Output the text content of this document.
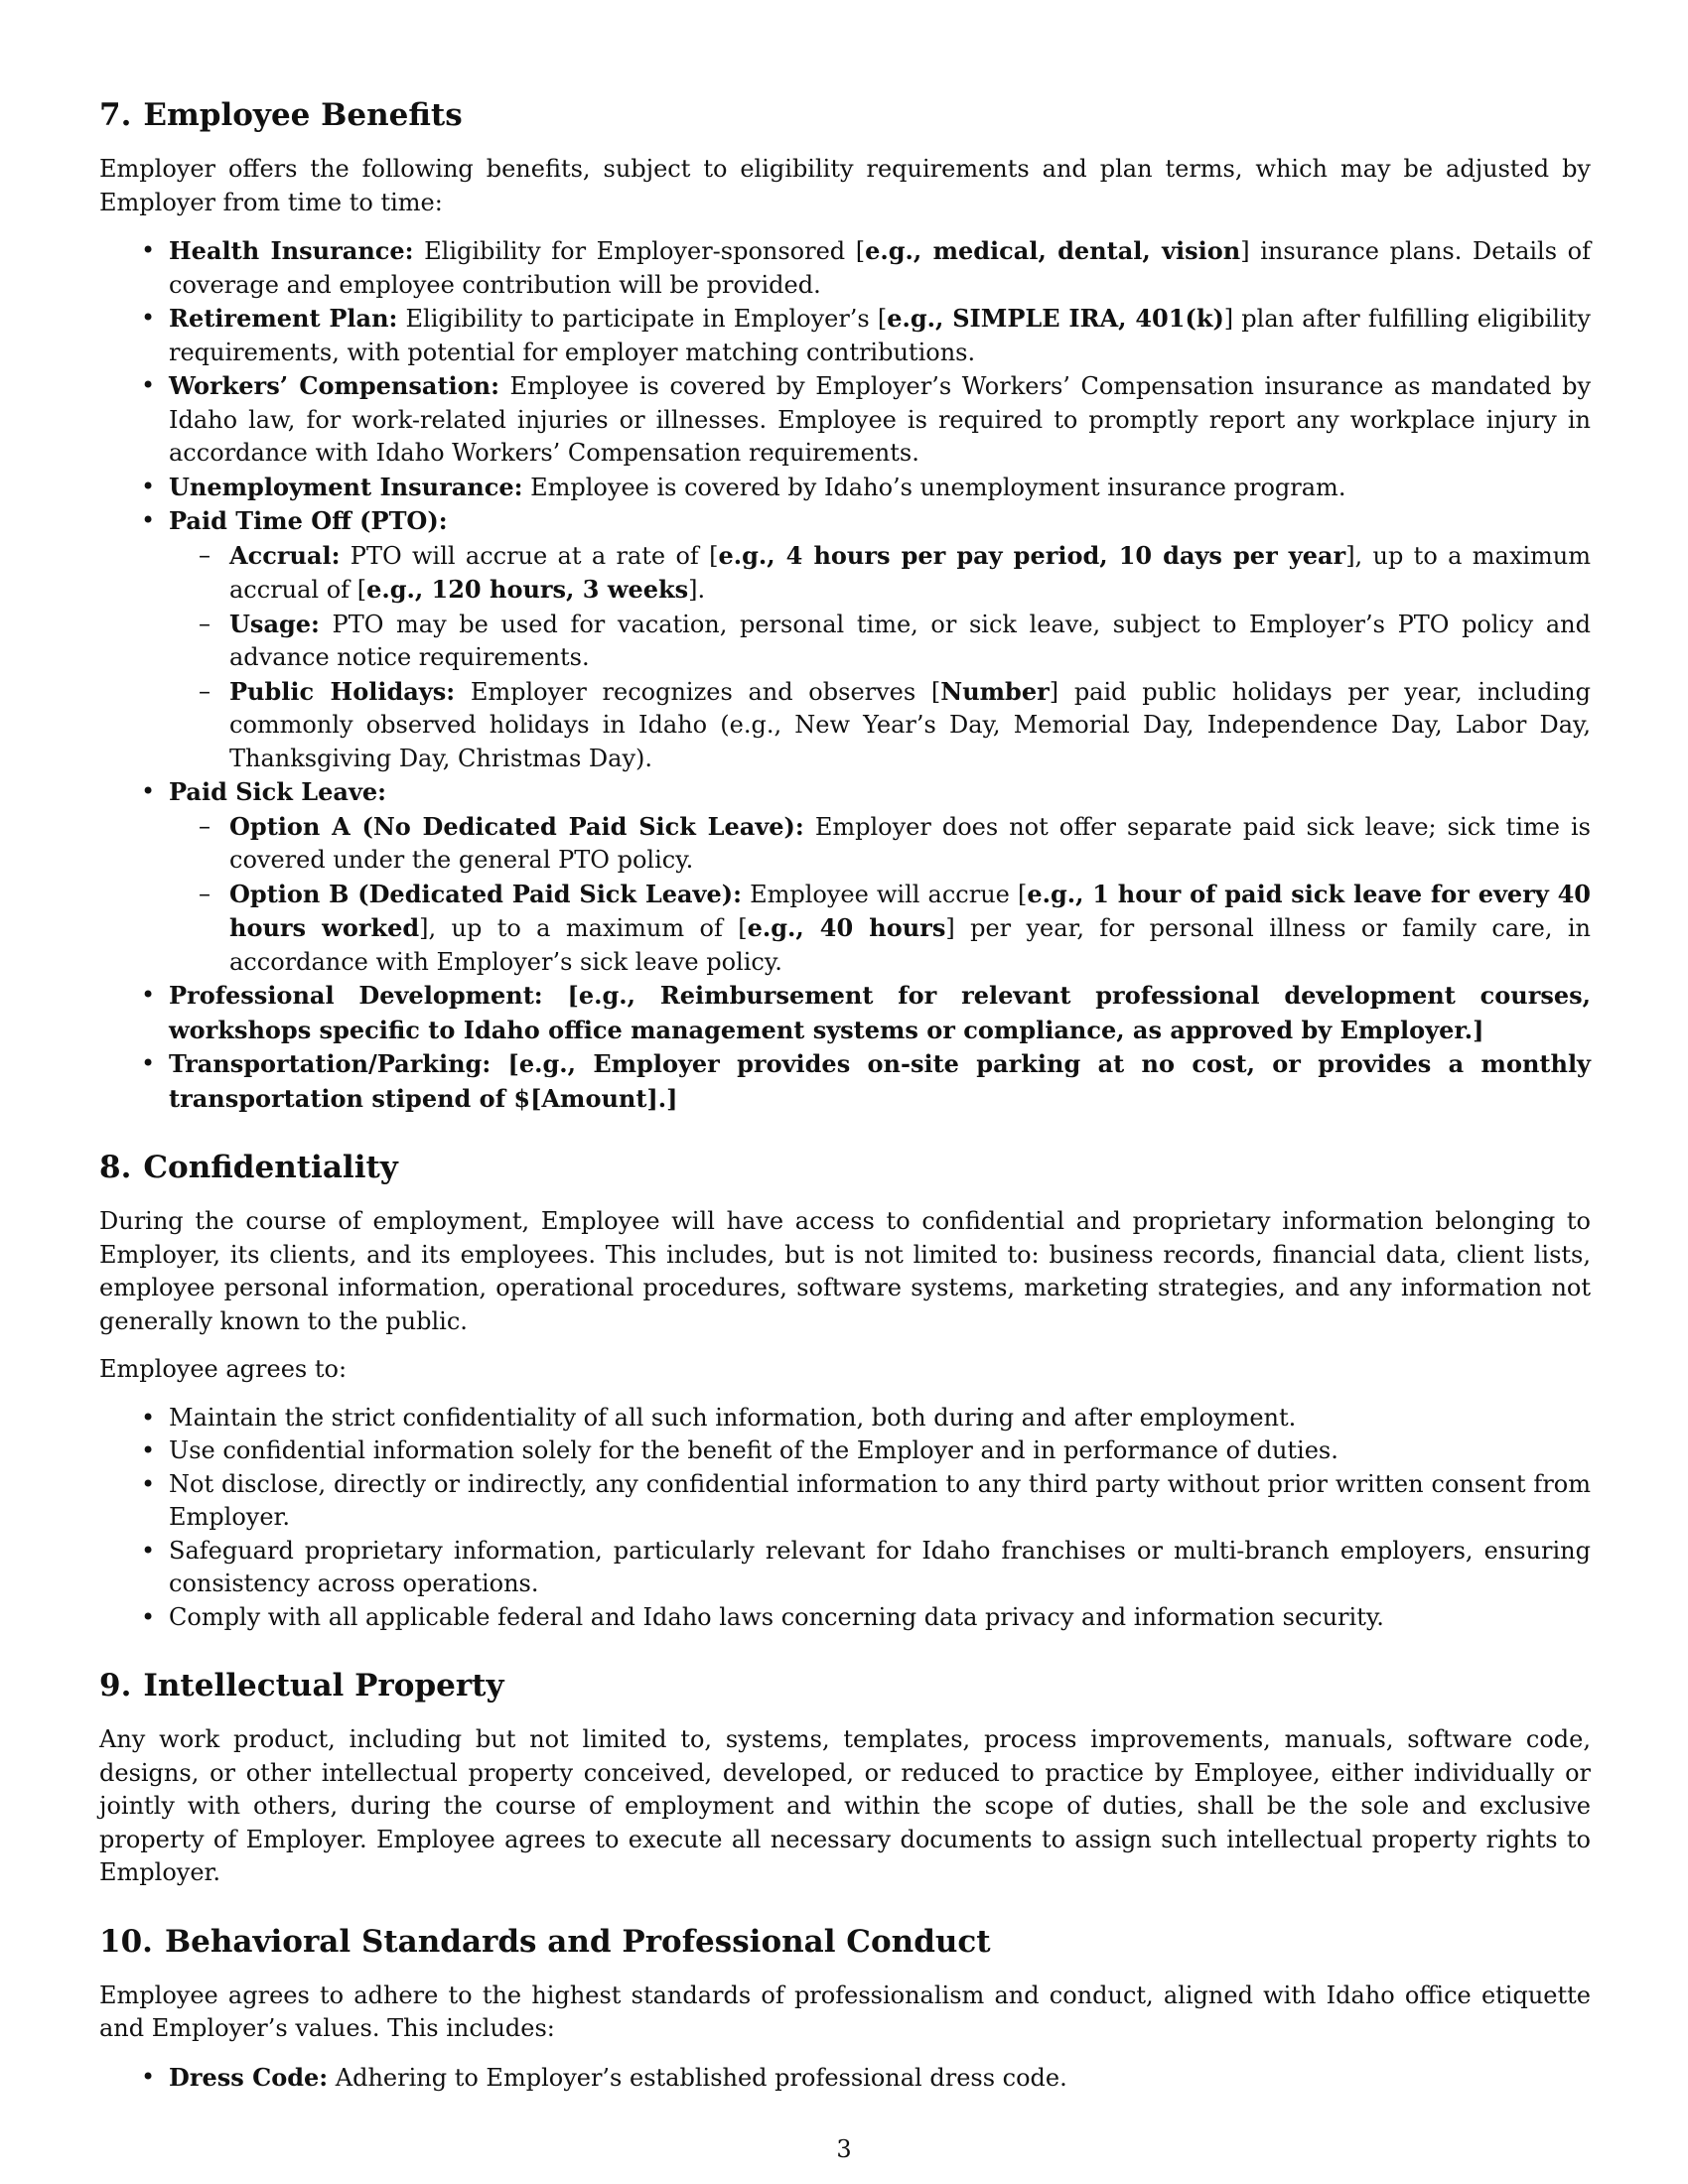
7. Employee Benefits

Employer offers the following benefits, subject to eligibility requirements and plan terms, which may be adjusted by Employer from time to time:

• Health Insurance: Eligibility for Employer-sponsored [e.g., medical, dental, vision] insurance plans. Details of coverage and employee contribution will be provided.
• Retirement Plan: Eligibility to participate in Employer’s [e.g., SIMPLE IRA, 401(k)] plan after fulfilling eligibility requirements, with potential for employer matching contributions.
• Workers’ Compensation: Employee is covered by Employer’s Workers’ Compensation insurance as mandated by Idaho law, for work-related injuries or illnesses. Employee is required to promptly report any workplace injury in accordance with Idaho Workers’ Compensation requirements.
• Unemployment Insurance: Employee is covered by Idaho’s unemployment insurance program.
• Paid Time Off (PTO):
– Accrual: PTO will accrue at a rate of [e.g., 4 hours per pay period, 10 days per year], up to a maximum accrual of [e.g., 120 hours, 3 weeks].
– Usage: PTO may be used for vacation, personal time, or sick leave, subject to Employer’s PTO policy and advance notice requirements.
– Public Holidays: Employer recognizes and observes [Number] paid public holidays per year, including commonly observed holidays in Idaho (e.g., New Year’s Day, Memorial Day, Independence Day, Labor Day, Thanksgiving Day, Christmas Day).
• Paid Sick Leave:
– Option A (No Dedicated Paid Sick Leave): Employer does not offer separate paid sick leave; sick time is covered under the general PTO policy.
– Option B (Dedicated Paid Sick Leave): Employee will accrue [e.g., 1 hour of paid sick leave for every 40 hours worked], up to a maximum of [e.g., 40 hours] per year, for personal illness or family care, in accordance with Employer’s sick leave policy.
• Professional Development: [e.g., Reimbursement for relevant professional development courses, workshops specific to Idaho office management systems or compliance, as approved by Employer.]
• Transportation/Parking: [e.g., Employer provides on-site parking at no cost, or provides a monthly transportation stipend of $[Amount].]
8. Confidentiality

During the course of employment, Employee will have access to confidential and proprietary information belonging to Employer, its clients, and its employees. This includes, but is not limited to: business records, financial data, client lists, employee personal information, operational procedures, software systems, marketing strategies, and any information not generally known to the public.

Employee agrees to:

• Maintain the strict confidentiality of all such information, both during and after employment.
• Use confidential information solely for the benefit of the Employer and in performance of duties.
• Not disclose, directly or indirectly, any confidential information to any third party without prior written consent from Employer.
• Safeguard proprietary information, particularly relevant for Idaho franchises or multi-branch employers, ensuring consistency across operations.
• Comply with all applicable federal and Idaho laws concerning data privacy and information security.
9. Intellectual Property

Any work product, including but not limited to, systems, templates, process improvements, manuals, software code, designs, or other intellectual property conceived, developed, or reduced to practice by Employee, either individually or jointly with others, during the course of employment and within the scope of duties, shall be the sole and exclusive property of Employer. Employee agrees to execute all necessary documents to assign such intellectual property rights to Employer.

10. Behavioral Standards and Professional Conduct

Employee agrees to adhere to the highest standards of professionalism and conduct, aligned with Idaho office etiquette and Employer’s values. This includes:

• Dress Code: Adhering to Employer’s established professional dress code.
3
